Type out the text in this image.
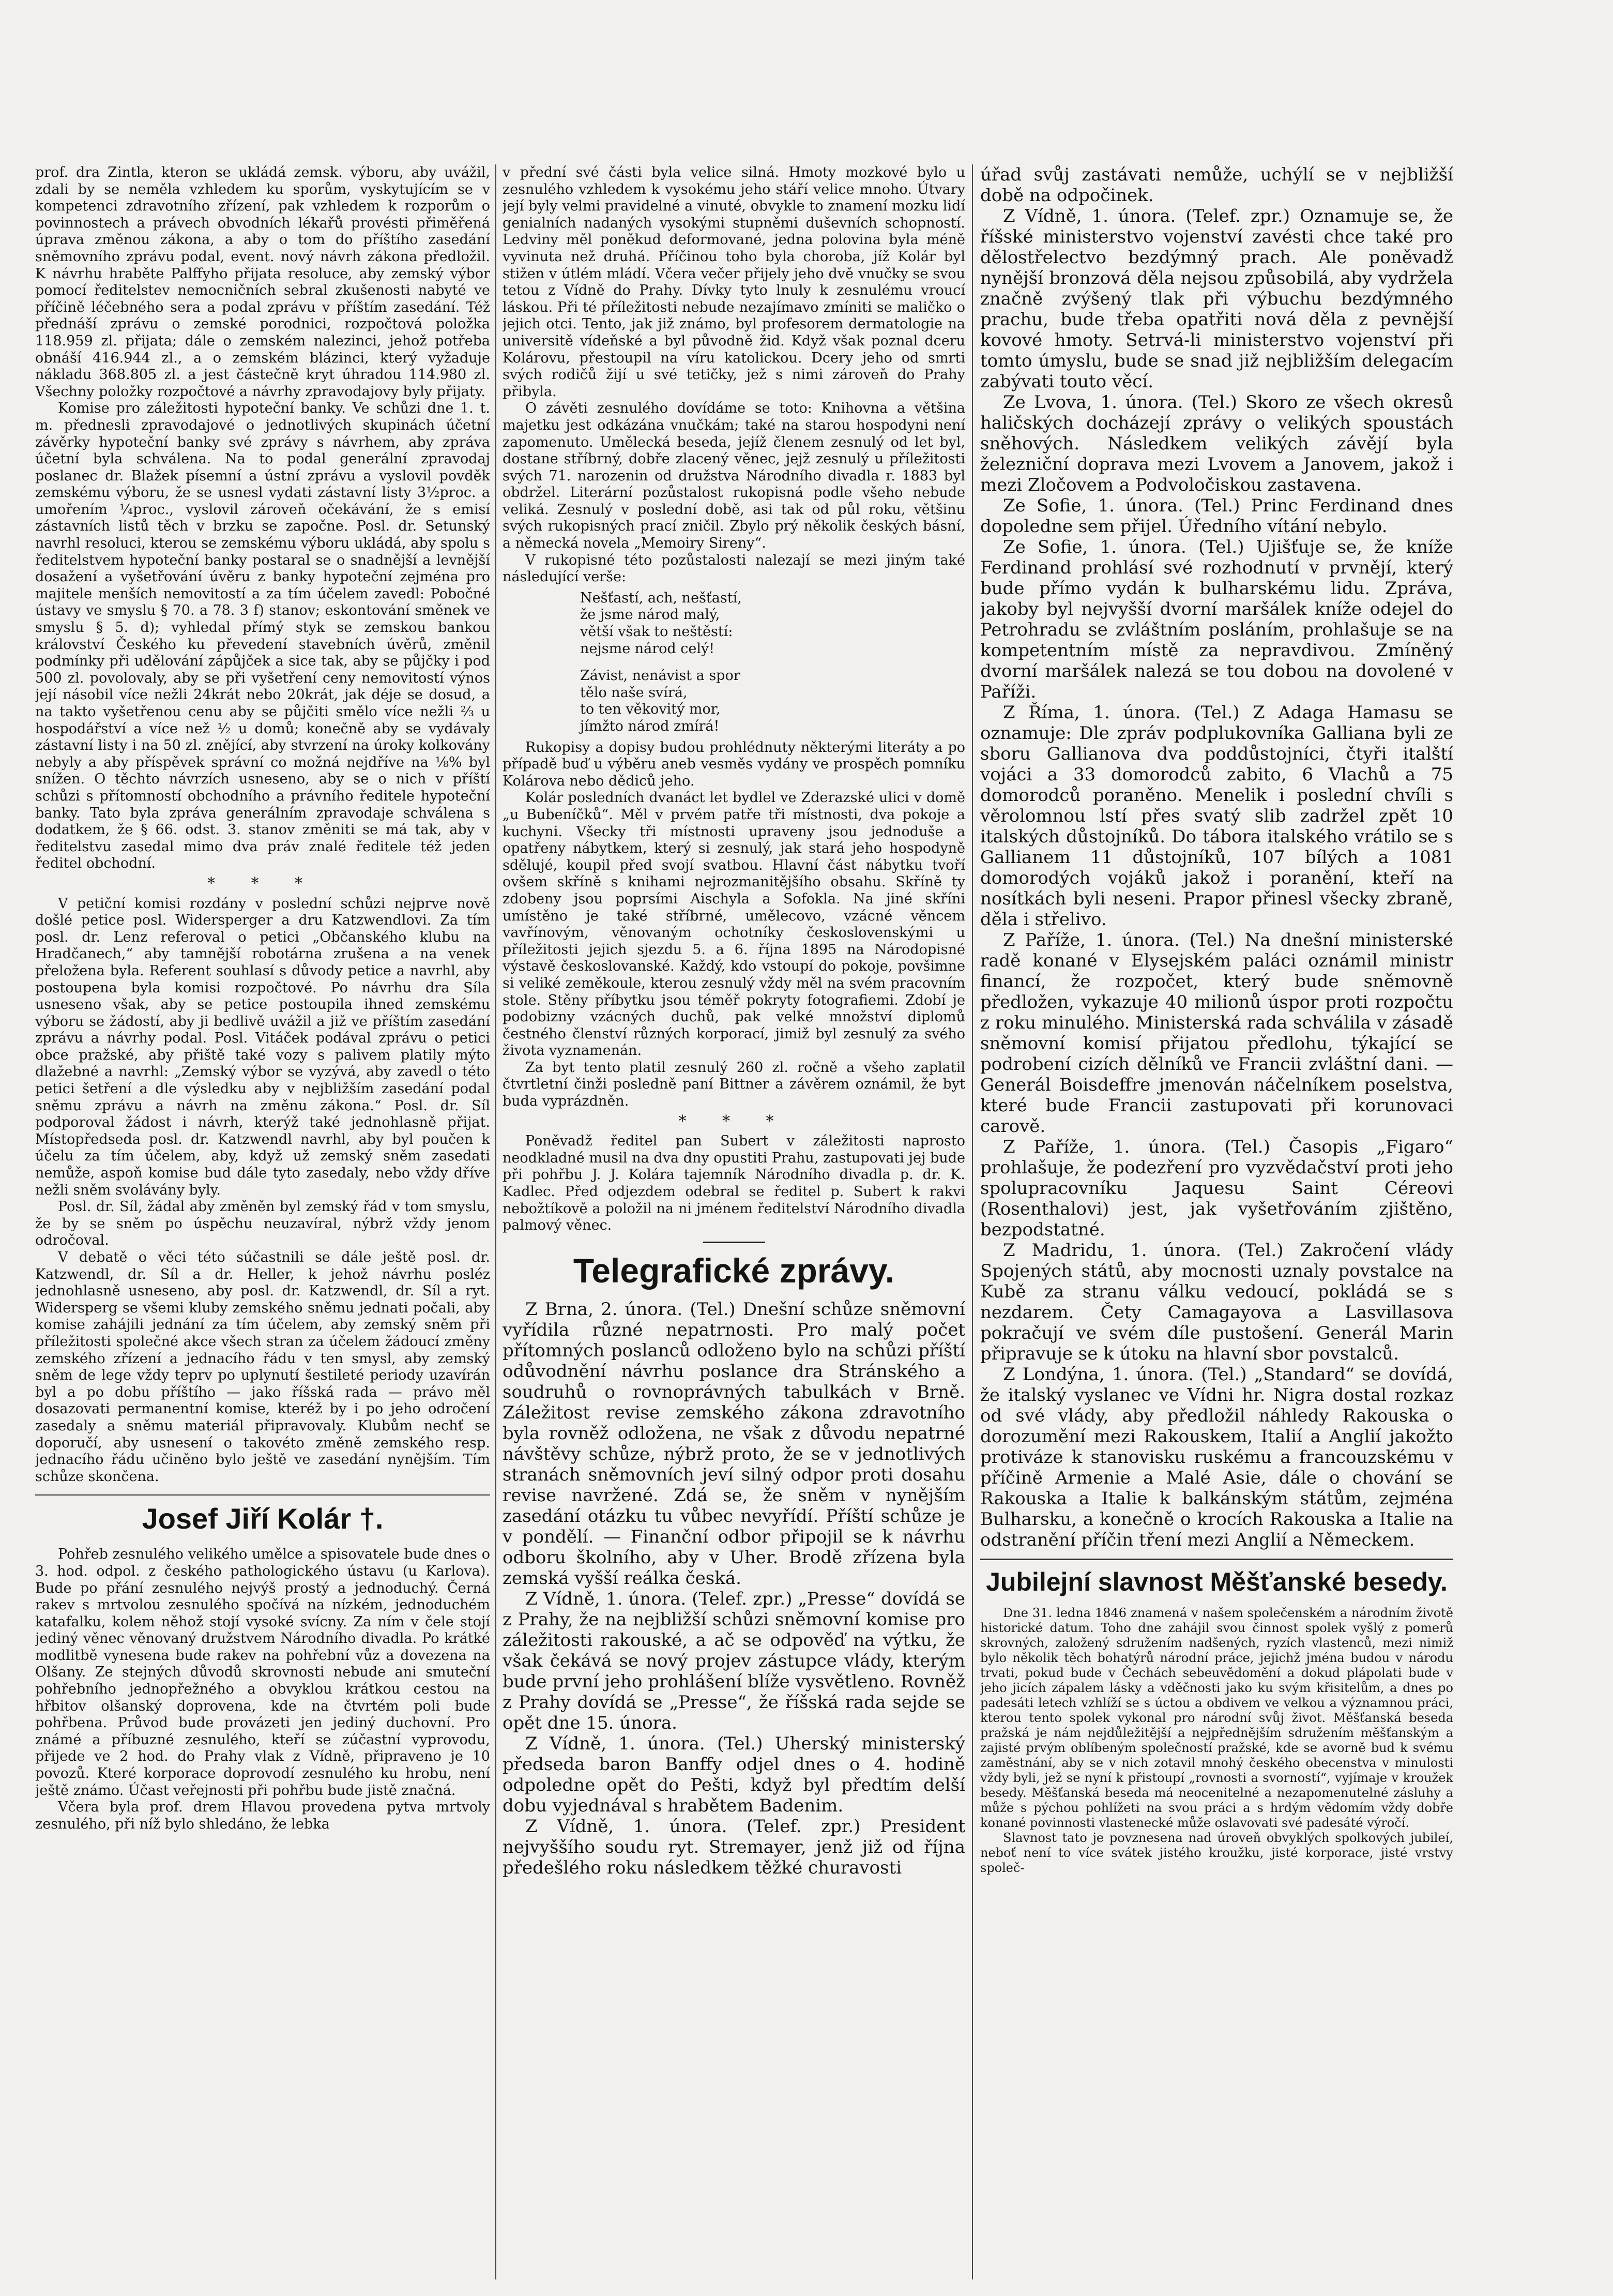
prof. dra Zintla, kteron se ukládá zemsk. výboru, aby uvážil, zdali by se neměla vzhledem ku sporům, vyskytujícím se v kompetenci zdravotního zřízení, pak vzhledem k rozporům o povinnostech a právech obvodních lékařů provésti přiměřená úprava změnou zákona, a aby o tom do příštího zasedání sněmovního zprávu podal, event. nový návrh zákona předložil. K návrhu hraběte Palffyho přijata resoluce, aby zemský výbor pomocí ředitelstev nemocničních sebral zkušenosti nabyté ve příčině léčebného sera a podal zprávu v příštím zasedání. Též přednáší zprávu o zemské porodnici, rozpočtová položka 118.959 zl. přijata; dále o zemském nalezinci, jehož potřeba obnáší 416.944 zl., a o zemském blázinci, který vyžaduje nákladu 368.805 zl. a jest částečně kryt úhradou 114.980 zl. Všechny položky rozpočtové a návrhy zpravodajovy byly přijaty.

Komise pro záležitosti hypoteční banky. Ve schůzi dne 1. t. m. přednesli zpravodajové o jednotlivých skupinách účetní závěrky hypoteční banky své zprávy s návrhem, aby zpráva účetní byla schválena. Na to podal generální zpravodaj poslanec dr. Blažek písemní a ústní zprávu a vyslovil povděk zemskému výboru, že se usnesl vydati zástavní listy 3½proc. a umořením ¼proc., vyslovil zároveň očekávání, že s emisí zástavních listů těch v brzku se započne. Posl. dr. Setunský navrhl resoluci, kterou se zemskému výboru ukládá, aby spolu s ředitelstvem hypoteční banky postaral se o snadnější a levnější dosažení a vyšetřování úvěru z banky hypoteční zejména pro majitele menších nemovitostí a za tím účelem zavedl: Pobočné ústavy ve smyslu § 70. a 78. 3 f) stanov; eskontování směnek ve smyslu § 5. d); vyhledal přímý styk se zemskou bankou království Českého ku převedení stavebních úvěrů, změnil podmínky při udělování zápůjček a sice tak, aby se půjčky i pod 500 zl. povolovaly, aby se při vyšetření ceny nemovitostí výnos její násobil více nežli 24krát nebo 20krát, jak déje se dosud, a na takto vyšetřenou cenu aby se půjčiti smělo více nežli ⅔ u hospodářství a více než ½ u domů; konečně aby se vydávaly zástavní listy i na 50 zl. znějící, aby stvrzení na úroky kolkovány nebyly a aby příspěvek správní co možná nejdříve na ⅛% byl snížen. O těchto návrzích usneseno, aby se o nich v příští schůzi s přítomností obchodního a právního ředitele hypoteční banky. Tato byla zpráva generálním zpravodaje schválena s dodatkem, že § 66. odst. 3. stanov změniti se má tak, aby v ředitelstvu zasedal mimo dva práv znalé ředitele též jeden ředitel obchodní.

* * *

V petiční komisi rozdány v poslední schůzi nejprve nově došlé petice posl. Widersperger a dru Katzwendlovi. Za tím posl. dr. Lenz referoval o petici „Občanského klubu na Hradčanech,“ aby tamnější robotárna zrušena a na venek přeložena byla. Referent souhlasí s důvody petice a navrhl, aby postoupena byla komisi rozpočtové. Po návrhu dra Síla usneseno však, aby se petice postoupila ihned zemskému výboru se žádostí, aby ji bedlivě uvážil a již ve příštím zasedání zprávu a návrhy podal. Posl. Vitáček podával zprávu o petici obce pražské, aby přiště také vozy s palivem platily mýto dlažebné a navrhl: „Zemský výbor se vyzývá, aby zavedl o této petici šetření a dle výsledku aby v nejbližším zasedání podal sněmu zprávu a návrh na změnu zákona.“ Posl. dr. Síl podporoval žádost i návrh, kterýž také jednohlasně přijat. Místopředseda posl. dr. Katzwendl navrhl, aby byl poučen k účelu za tím účelem, aby, když už zemský sněm zasedati nemůže, aspoň komise bud dále tyto zasedaly, nebo vždy dříve nežli sněm svolávány byly.

Posl. dr. Síl, žádal aby změněn byl zemský řád v tom smyslu, že by se sněm po úspěchu neuzavíral, nýbrž vždy jenom odročoval.

V debatě o věci této súčastnili se dále ještě posl. dr. Katzwendl, dr. Síl a dr. Heller, k jehož návrhu posléz jednohlasně usneseno, aby posl. dr. Katzwendl, dr. Síl a ryt. Widersperg se všemi kluby zemského sněmu jednati počali, aby komise zahájili jednání za tím účelem, aby zemský sněm při příležitosti společné akce všech stran za účelem žádoucí změny zemského zřízení a jednacího řádu v ten smysl, aby zemský sněm de lege vždy teprv po uplynutí šestileté periody uzavírán byl a po dobu příštího — jako říšská rada — právo měl dosazovati permanentní komise, kteréž by i po jeho odročení zasedaly a sněmu materiál připravovaly. Klubům nechť se doporučí, aby usnesení o takovéto změně zemského resp. jednacího řádu učiněno bylo ještě ve zasedání nynějším. Tím schůze skončena.

Josef Jiří Kolár †.

Pohřeb zesnulého velikého umělce a spisovatele bude dnes o 3. hod. odpol. z českého pathologického ústavu (u Karlova). Bude po přání zesnulého nejvýš prostý a jednoduchý. Černá rakev s mrtvolou zesnulého spočívá na nízkém, jednoduchém katafalku, kolem něhož stojí vysoké svícny. Za ním v čele stojí jediný věnec věnovaný družstvem Národního divadla. Po krátké modlitbě vynesena bude rakev na pohřební vůz a dovezena na Olšany. Ze stejných důvodů skrovnosti nebude ani smuteční pohřebního jednopřežného a obvyklou krátkou cestou na hřbitov olšanský doprovena, kde na čtvrtém poli bude pohřbena. Průvod bude provázeti jen jediný duchovní. Pro známé a příbuzné zesnulého, kteří se zúčastní vyprovodu, přijede ve 2 hod. do Prahy vlak z Vídně, připraveno je 10 povozů. Které korporace doprovodí zesnulého ku hrobu, není ještě známo. Účast veřejnosti při pohřbu bude jistě značná.

Včera byla prof. drem Hlavou provedena pytva mrtvoly zesnulého, při níž bylo shledáno, že lebka

v přední své části byla velice silná. Hmoty mozkové bylo u zesnulého vzhledem k vysokému jeho stáří velice mnoho. Útvary její byly velmi pravidelné a vinuté, obvykle to znamení mozku lidí genialních nadaných vysokými stupněmi duševních schopností. Ledviny měl poněkud deformované, jedna polovina byla méně vyvinuta než druhá. Příčinou toho byla choroba, jíž Kolár byl stižen v útlém mládí. Včera večer přijely jeho dvě vnučky se svou tetou z Vídně do Prahy. Dívky tyto lnuly k zesnulému vroucí láskou. Při té příležitosti nebude nezajímavo zmíniti se maličko o jejich otci. Tento, jak již známo, byl profesorem dermatologie na universitě vídeňské a byl původně žid. Když však poznal dceru Kolárovu, přestoupil na víru katolickou. Dcery jeho od smrti svých rodičů žijí u své tetičky, jež s nimi zároveň do Prahy přibyla.

O závěti zesnulého dovídáme se toto: Knihovna a většina majetku jest odkázána vnučkám; také na starou hospodyni není zapomenuto. Umělecká beseda, jejíž členem zesnulý od let byl, dostane stříbrný, dobře zlacený věnec, jejž zesnulý u příležitosti svých 71. narozenin od družstva Národního divadla r. 1883 byl obdržel. Literární pozůstalost rukopisná podle všeho nebude veliká. Zesnulý v poslední době, asi tak od půl roku, většinu svých rukopisných prací zničil. Zbylo prý několik českých básní, a německá novela „Memoiry Sireny“.

V rukopisné této pozůstalosti nalezají se mezi jiným také následující verše:

Nešťastí, ach, nešťastí,
že jsme národ malý,
větší však to neštěstí:
nejsme národ celý!
Závist, nenávist a spor
tělo naše svírá,
to ten věkovitý mor,
jímžto národ zmírá!

Rukopisy a dopisy budou prohlédnuty některými literáty a po případě buď u výběru aneb vesměs vydány ve prospěch pomníku Kolárova nebo dědiců jeho.

Kolár posledních dvanáct let bydlel ve Zderazské ulici v domě „u Bubeníčků“. Měl v prvém patře tři místnosti, dva pokoje a kuchyni. Všecky tři místnosti upraveny jsou jednoduše a opatřeny nábytkem, který si zesnulý, jak stará jeho hospodyně sdělujé, koupil před svojí svatbou. Hlavní část nábytku tvoří ovšem skříně s knihami nejrozmanitějšího obsahu. Skříně ty zdobeny jsou poprsími Aischyla a Sofokla. Na jiné skříni umístěno je také stříbrné, umělecovo, vzácné věncem vavřínovým, věnovaným ochotníky československými u příležitosti jejich sjezdu 5. a 6. října 1895 na Národopisné výstavě českoslovanské. Každý, kdo vstoupí do pokoje, povšimne si veliké zeměkoule, kterou zesnulý vždy měl na svém pracovním stole. Stěny příbytku jsou téměř pokryty fotografiemi. Zdobí je podobizny vzácných duchů, pak velké množství diplomů čestného členství různých korporací, jimiž byl zesnulý za svého života vyznamenán.

Za byt tento platil zesnulý 260 zl. ročně a všeho zaplatil čtvrtletní činži posledně paní Bittner a závěrem oznámil, že byt buda vyprázdněn.

* * *

Poněvadž ředitel pan Subert v záležitosti naprosto neodkladné musil na dva dny opustiti Prahu, zastupovati jej bude při pohřbu J. J. Kolára tajemník Národního divadla p. dr. K. Kadlec. Před odjezdem odebral se ředitel p. Subert k rakvi nebožtíkově a položil na ni jménem ředitelství Národního divadla palmový věnec.

Telegrafické zprávy.

Z Brna, 2. února. (Tel.) Dnešní schůze sněmovní vyřídila různé nepatrnosti. Pro malý počet přítomných poslanců odloženo bylo na schůzi příští odůvodnění návrhu poslance dra Stránského a soudruhů o rovnoprávných tabulkách v Brně. Záležitost revise zemského zákona zdravotního byla rovněž odložena, ne však z důvodu nepatrné návštěvy schůze, nýbrž proto, že se v jednotlivých stranách sněmovních jeví silný odpor proti dosahu revise navržené. Zdá se, že sněm v nynějším zasedání otázku tu vůbec nevyřídí. Příští schůze je v pondělí. — Finanční odbor připojil se k návrhu odboru školního, aby v Uher. Brodě zřízena byla zemská vyšší reálka česká.

Z Vídně, 1. února. (Telef. zpr.) „Presse“ dovídá se z Prahy, že na nejbližší schůzi sněmovní komise pro záležitosti rakouské, a ač se odpověď na výtku, že však čekává se nový projev zástupce vlády, kterým bude první jeho prohlášení blíže vysvětleno. Rovněž z Prahy dovídá se „Presse“, že říšská rada sejde se opět dne 15. února.

Z Vídně, 1. února. (Tel.) Uherský ministerský předseda baron Banffy odjel dnes o 4. hodině odpoledne opět do Pešti, když byl předtím delší dobu vyjednával s hrabětem Badenim.

Z Vídně, 1. února. (Telef. zpr.) President nejvyššího soudu ryt. Stremayer, jenž již od října předešlého roku následkem těžké churavosti

úřad svůj zastávati nemůže, uchýlí se v nejbližší době na odpočinek.

Z Vídně, 1. února. (Telef. zpr.) Oznamuje se, že říšské ministerstvo vojenství zavésti chce také pro dělostřelectvo bezdýmný prach. Ale poněvadž nynější bronzová děla nejsou způsobilá, aby vydržela značně zvýšený tlak při výbuchu bezdýmného prachu, bude třeba opatřiti nová děla z pevnější kovové hmoty. Setrvá-li ministerstvo vojenství při tomto úmyslu, bude se snad již nejbližším delegacím zabývati touto věcí.

Ze Lvova, 1. února. (Tel.) Skoro ze všech okresů haličských docházejí zprávy o velikých spoustách sněhových. Následkem velikých závějí byla železniční doprava mezi Lvovem a Janovem, jakož i mezi Zločovem a Podvoločiskou zastavena.

Ze Sofie, 1. února. (Tel.) Princ Ferdinand dnes dopoledne sem přijel. Úředního vítání nebylo.

Ze Sofie, 1. února. (Tel.) Ujišťuje se, že kníže Ferdinand prohlásí své rozhodnutí v prvnějí, který bude přímo vydán k bulharskému lidu. Zpráva, jakoby byl nejvyšší dvorní maršálek kníže odejel do Petrohradu se zvláštním posláním, prohlašuje se na kompetentním místě za nepravdivou. Zmíněný dvorní maršálek nalezá se tou dobou na dovolené v Paříži.

Z Říma, 1. února. (Tel.) Z Adaga Hamasu se oznamuje: Dle zpráv podplukovníka Galliana byli ze sboru Gallianova dva poddůstojníci, čtyři italští vojáci a 33 domorodců zabito, 6 Vlachů a 75 domorodců poraněno. Menelik i poslední chvíli s věrolomnou lstí přes svatý slib zadržel zpět 10 italských důstojníků. Do tábora italského vrátilo se s Gallianem 11 důstojníků, 107 bílých a 1081 domorodých vojáků jakož i poranění, kteří na nosítkách byli neseni. Prapor přinesl všecky zbraně, děla i střelivo.

Z Paříže, 1. února. (Tel.) Na dnešní ministerské radě konané v Elysejském paláci oznámil ministr financí, že rozpočet, který bude sněmovně předložen, vykazuje 40 milionů úspor proti rozpočtu z roku minulého. Ministerská rada schválila v zásadě sněmovní komisí přijatou předlohu, týkající se podrobení cizích dělníků ve Francii zvláštní dani. — Generál Boisdeffre jmenován náčelníkem poselstva, které bude Francii zastupovati při korunovaci carově.

Z Paříže, 1. února. (Tel.) Časopis „Figaro“ prohlašuje, že podezření pro vyzvědačství proti jeho spolupracovníku Jaquesu Saint Céreovi (Rosenthalovi) jest, jak vyšetřováním zjištěno, bezpodstatné.

Z Madridu, 1. února. (Tel.) Zakročení vlády Spojených států, aby mocnosti uznaly povstalce na Kubě za stranu válku vedoucí, pokládá se s nezdarem. Čety Camagayova a Lasvillasova pokračují ve svém díle pustošení. Generál Marin připravuje se k útoku na hlavní sbor povstalců.

Z Londýna, 1. února. (Tel.) „Standard“ se dovídá, že italský vyslanec ve Vídni hr. Nigra dostal rozkaz od své vlády, aby předložil náhledy Rakouska o dorozumění mezi Rakouskem, Italií a Anglií jakožto protiváze k stanovisku ruskému a francouzskému v příčině Armenie a Malé Asie, dále o chování se Rakouska a Italie k balkánským státům, zejména Bulharsku, a konečně o krocích Rakouska a Italie na odstranění příčin tření mezi Anglií a Německem.

Jubilejní slavnost Měšťanské besedy.

Dne 31. ledna 1846 znamená v našem společenském a národním životě historické datum. Toho dne zahájil svou činnost spolek vyšlý z pomerů skrovných, založený sdružením nadšených, ryzích vlastenců, mezi nimiž bylo několik těch bohatýrů národní práce, jejichž jména budou v národu trvati, pokud bude v Čechách sebeuvědomění a dokud plápolati bude v jeho jicích zápalem lásky a vděčnosti jako ku svým křisitelům, a dnes po padesáti letech vzhlíží se s úctou a obdivem ve velkou a významnou práci, kterou tento spolek vykonal pro národní svůj život. Měšťanská beseda pražská je nám nejdůležitější a nejpřednějším sdružením měšťanským a zajisté prvým oblíbeným společností pražské, kde se avorně bud k svému zaměstnání, aby se v nich zotavil mnohý českého obecenstva v minulosti vždy byli, jež se nyní k přistoupí „rovnosti a svorností“, vyjímaje v kroužek besedy. Měšťanská beseda má neocenitelné a nezapomenutelné zásluhy a může s pýchou pohlížeti na svou práci a s hrdým vědomím vždy dobře konané povinnosti vlastenecké může oslavovati své padesáté výročí.

Slavnost tato je povznesena nad úroveň obvyklých spolkových jubileí, neboť není to více svátek jistého kroužku, jisté korporace, jisté vrstvy společ-
